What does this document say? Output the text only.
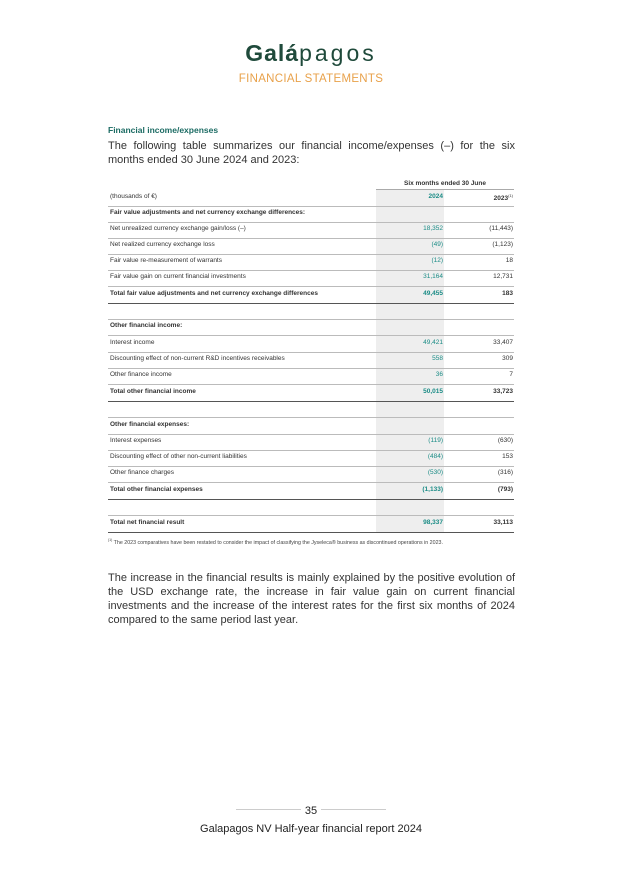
Galápagos
FINANCIAL STATEMENTS
Financial income/expenses
The following table summarizes our financial income/expenses (–) for the six months ended 30 June 2024 and 2023:
Six months ended 30 June
(thousands of €)	2024	2023$^{(1)}$
Fair value adjustments and net currency exchange differences:
Net unrealized currency exchange gain/loss (–)	18,352	(11,443)
Net realized currency exchange loss	(49)	(1,123)
Fair value re-measurement of warrants	(12)	18
Fair value gain on current financial investments	31,164	12,731
Total fair value adjustments and net currency exchange differences	49,455	183
Other financial income:
Interest income	49,421	33,407
Discounting effect of non-current R&D incentives receivables	558	309
Other finance income	36	7
Total other financial income	50,015	33,723
Other financial expenses:
Interest expenses	(119)	(630)
Discounting effect of other non-current liabilities	(484)	153
Other finance charges	(530)	(316)
Total other financial expenses	(1,133)	(793)
Total net financial result	98,337	33,113
$^{(1)}$ The 2023 comparatives have been restated to consider the impact of classifying the Jyseleca® business as discontinued operations in 2023.
The increase in the financial results is mainly explained by the positive evolution of the USD exchange rate, the increase in fair value gain on current financial investments and the increase of the interest rates for the first six months of 2024 compared to the same period last year.
35
Galapagos NV Half-year financial report 2024
